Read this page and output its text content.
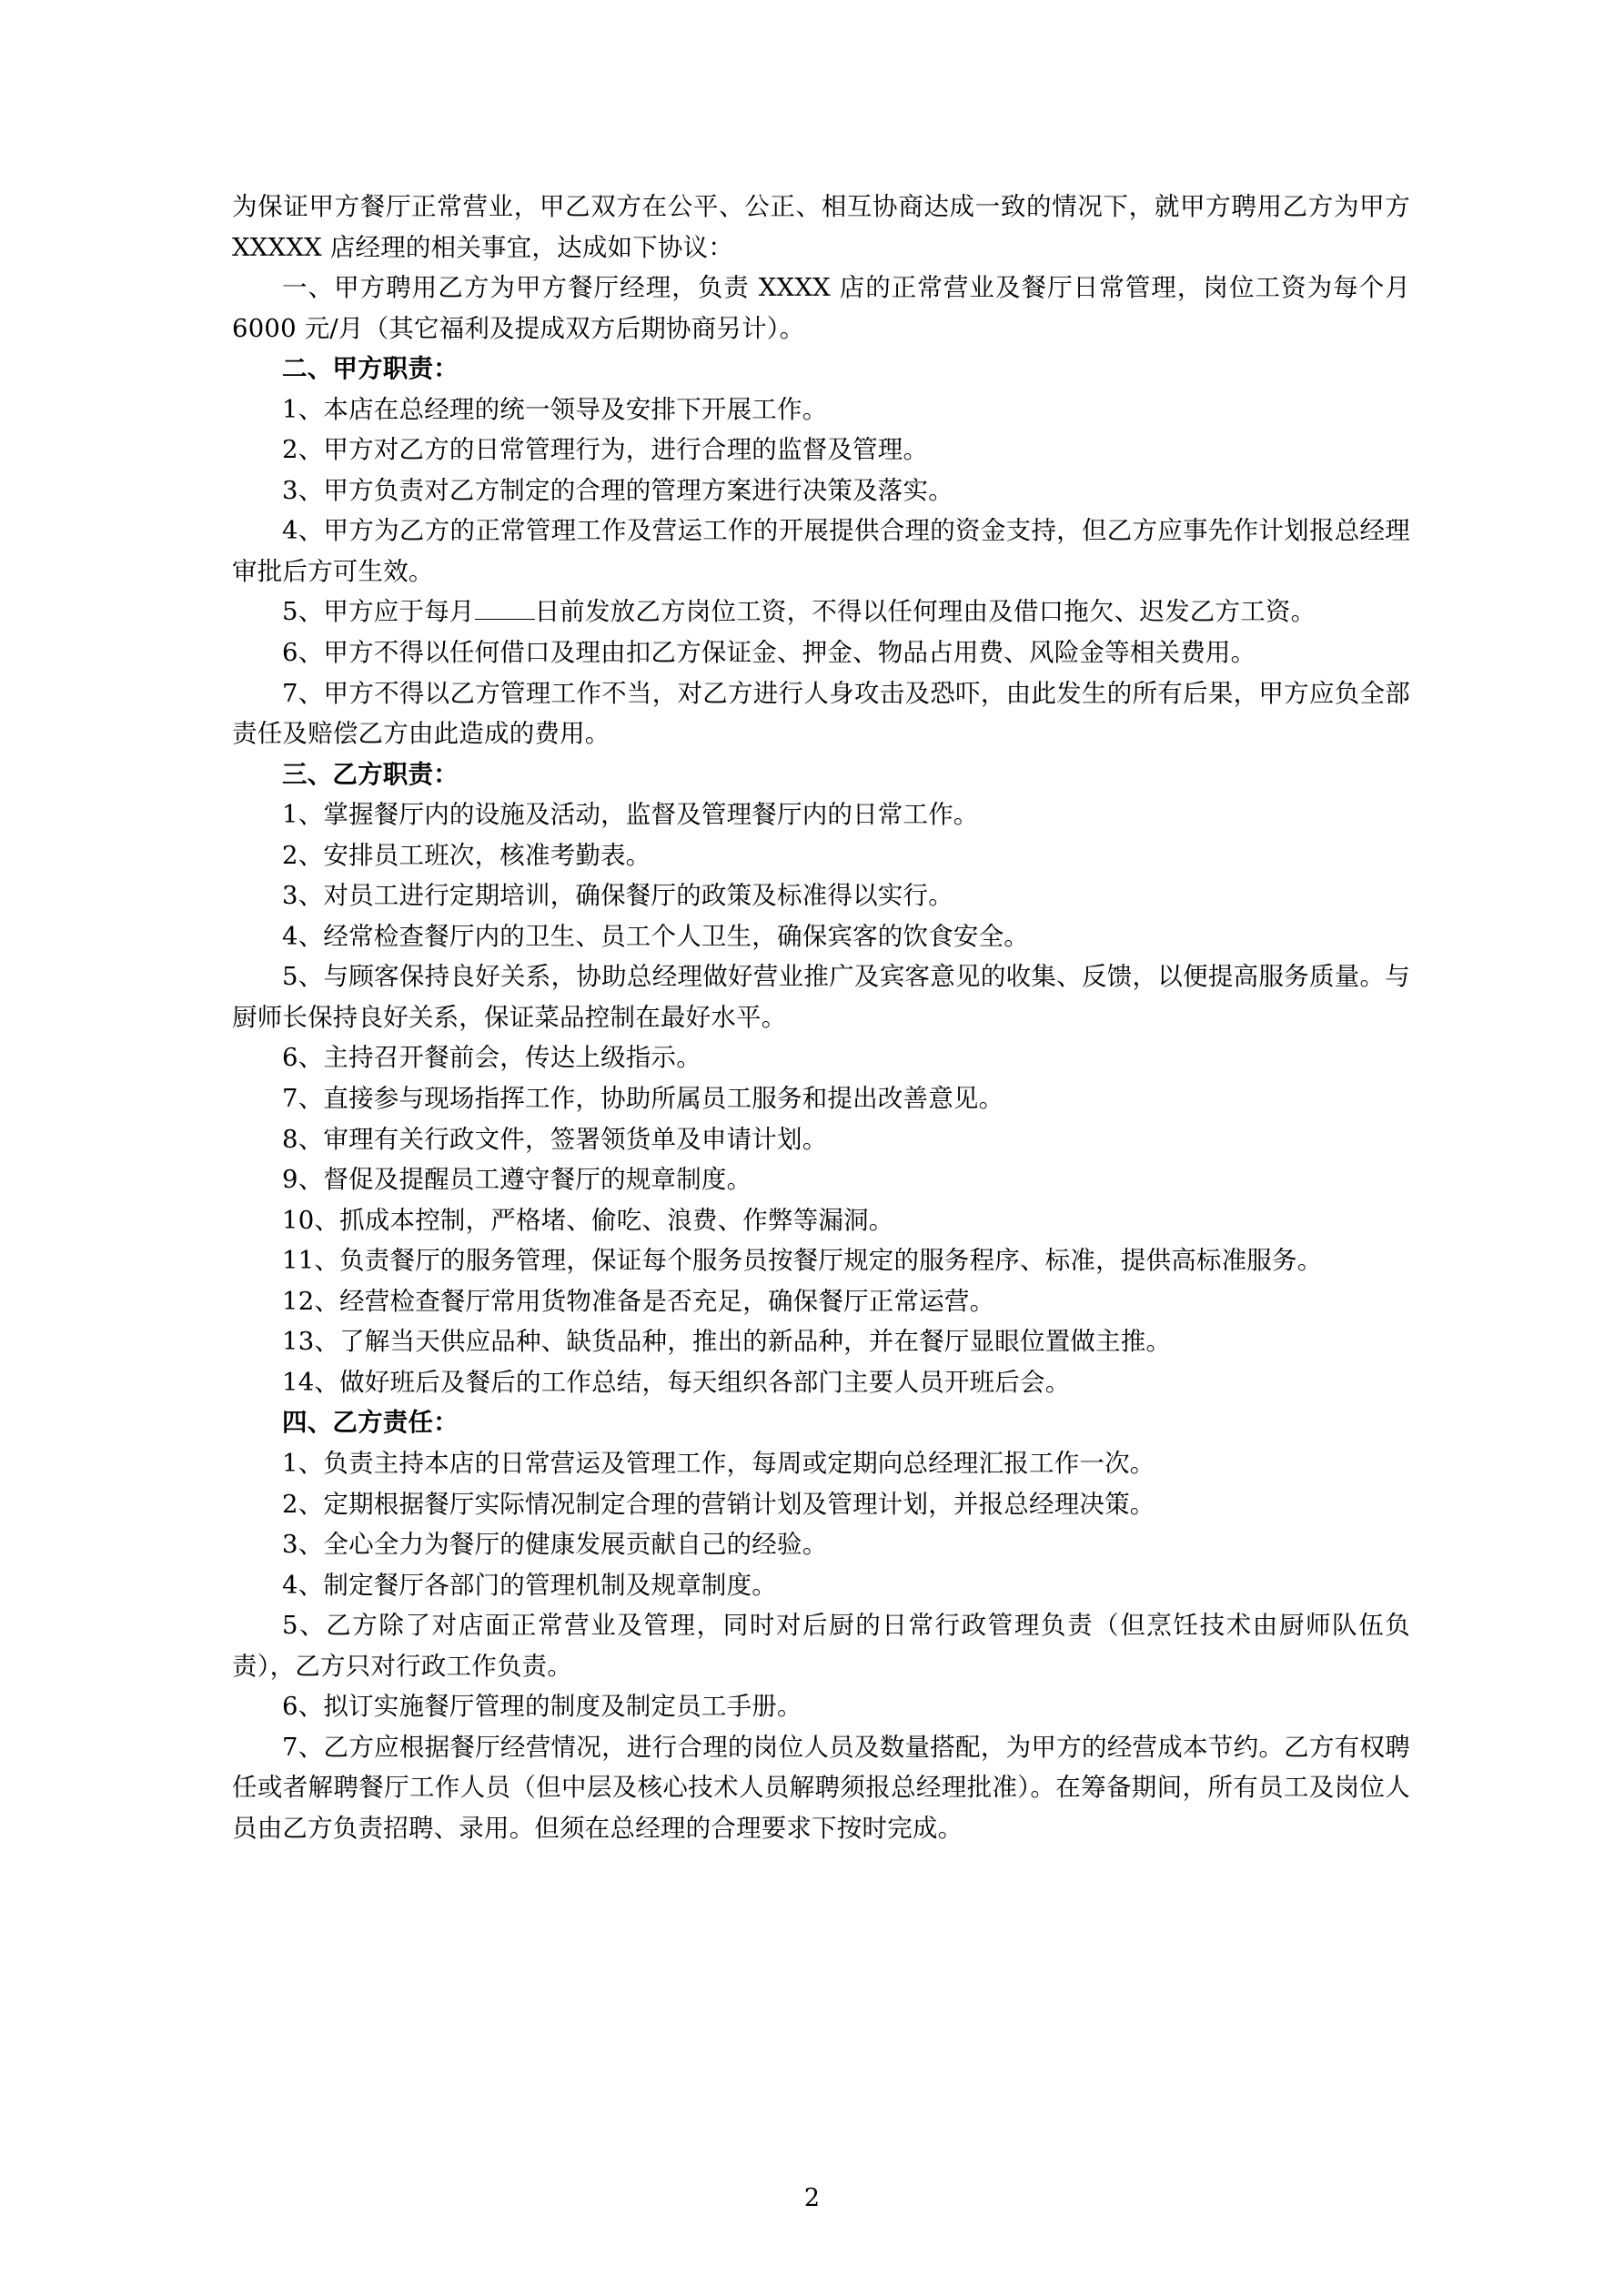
为保证甲方餐厅正常营业，甲乙双方在公平、公正、相互协商达成一致的情况下，就甲方聘用乙方为甲方 XXXXX 店经理的相关事宜，达成如下协议：

一、甲方聘用乙方为甲方餐厅经理，负责 XXXX 店的正常营业及餐厅日常管理，岗位工资为每个月 6000 元/月（其它福利及提成双方后期协商另计）。

二、甲方职责：

1、本店在总经理的统一领导及安排下开展工作。

2、甲方对乙方的日常管理行为，进行合理的监督及管理。

3、甲方负责对乙方制定的合理的管理方案进行决策及落实。

4、甲方为乙方的正常管理工作及营运工作的开展提供合理的资金支持，但乙方应事先作计划报总经理审批后方可生效。

5、甲方应于每月 日前发放乙方岗位工资，不得以任何理由及借口拖欠、迟发乙方工资。

6、甲方不得以任何借口及理由扣乙方保证金、押金、物品占用费、风险金等相关费用。

7、甲方不得以乙方管理工作不当，对乙方进行人身攻击及恐吓，由此发生的所有后果，甲方应负全部责任及赔偿乙方由此造成的费用。

三、乙方职责：

1、掌握餐厅内的设施及活动，监督及管理餐厅内的日常工作。

2、安排员工班次，核准考勤表。

3、对员工进行定期培训，确保餐厅的政策及标准得以实行。

4、经常检查餐厅内的卫生、员工个人卫生，确保宾客的饮食安全。

5、与顾客保持良好关系，协助总经理做好营业推广及宾客意见的收集、反馈，以便提高服务质量。与厨师长保持良好关系，保证菜品控制在最好水平。

6、主持召开餐前会，传达上级指示。

7、直接参与现场指挥工作，协助所属员工服务和提出改善意见。

8、审理有关行政文件，签署领货单及申请计划。

9、督促及提醒员工遵守餐厅的规章制度。

10、抓成本控制，严格堵、偷吃、浪费、作弊等漏洞。

11、负责餐厅的服务管理，保证每个服务员按餐厅规定的服务程序、标准，提供高标准服务。

12、经营检查餐厅常用货物准备是否充足，确保餐厅正常运营。

13、了解当天供应品种、缺货品种，推出的新品种，并在餐厅显眼位置做主推。

14、做好班后及餐后的工作总结，每天组织各部门主要人员开班后会。

四、乙方责任：

1、负责主持本店的日常营运及管理工作，每周或定期向总经理汇报工作一次。

2、定期根据餐厅实际情况制定合理的营销计划及管理计划，并报总经理决策。

3、全心全力为餐厅的健康发展贡献自己的经验。

4、制定餐厅各部门的管理机制及规章制度。

5、乙方除了对店面正常营业及管理，同时对后厨的日常行政管理负责（但烹饪技术由厨师队伍负责），乙方只对行政工作负责。

6、拟订实施餐厅管理的制度及制定员工手册。

7、乙方应根据餐厅经营情况，进行合理的岗位人员及数量搭配，为甲方的经营成本节约。乙方有权聘任或者解聘餐厅工作人员（但中层及核心技术人员解聘须报总经理批准）。在筹备期间，所有员工及岗位人员由乙方负责招聘、录用。但须在总经理的合理要求下按时完成。

2
